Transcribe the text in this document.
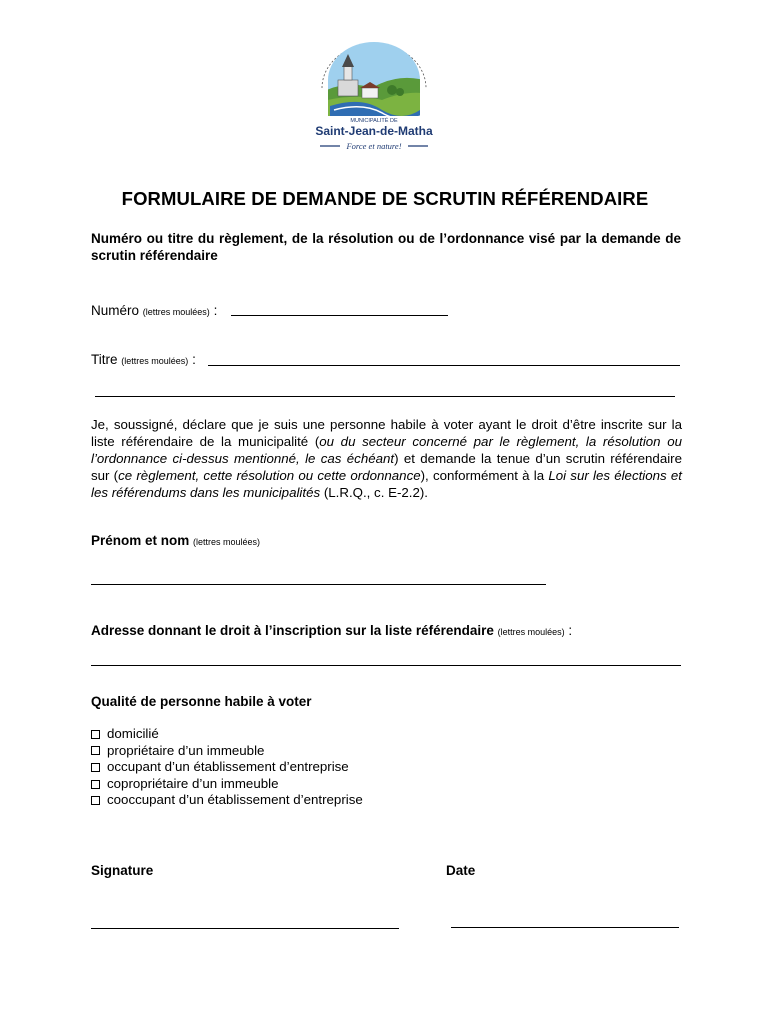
MUNICIPALITÉ DE
Saint-Jean-de-Matha
Force et nature!
FORMULAIRE DE DEMANDE DE SCRUTIN RÉFÉRENDAIRE
Numéro ou titre du règlement, de la résolution ou de l’ordonnance visé par la demande de scrutin référendaire
Numéro (lettres moulées) :
Titre (lettres moulées) :
Je, soussigné, déclare que je suis une personne habile à voter ayant le droit d’être inscrite sur la liste référendaire de la municipalité (ou du secteur concerné par le règlement, la résolution ou l’ordonnance ci-dessus mentionné, le cas échéant) et demande la tenue d’un scrutin référendaire sur (ce règlement, cette résolution ou cette ordonnance), conformément à la Loi sur les élections et les référendums dans les municipalités (L.R.Q., c. E-2.2).
Prénom et nom (lettres moulées)
Adresse donnant le droit à l’inscription sur la liste référendaire (lettres moulées) :
Qualité de personne habile à voter
domicilié
propriétaire d’un immeuble
occupant d’un établissement d’entreprise
copropriétaire d’un immeuble
cooccupant d’un établissement d’entreprise
Signature	Date
